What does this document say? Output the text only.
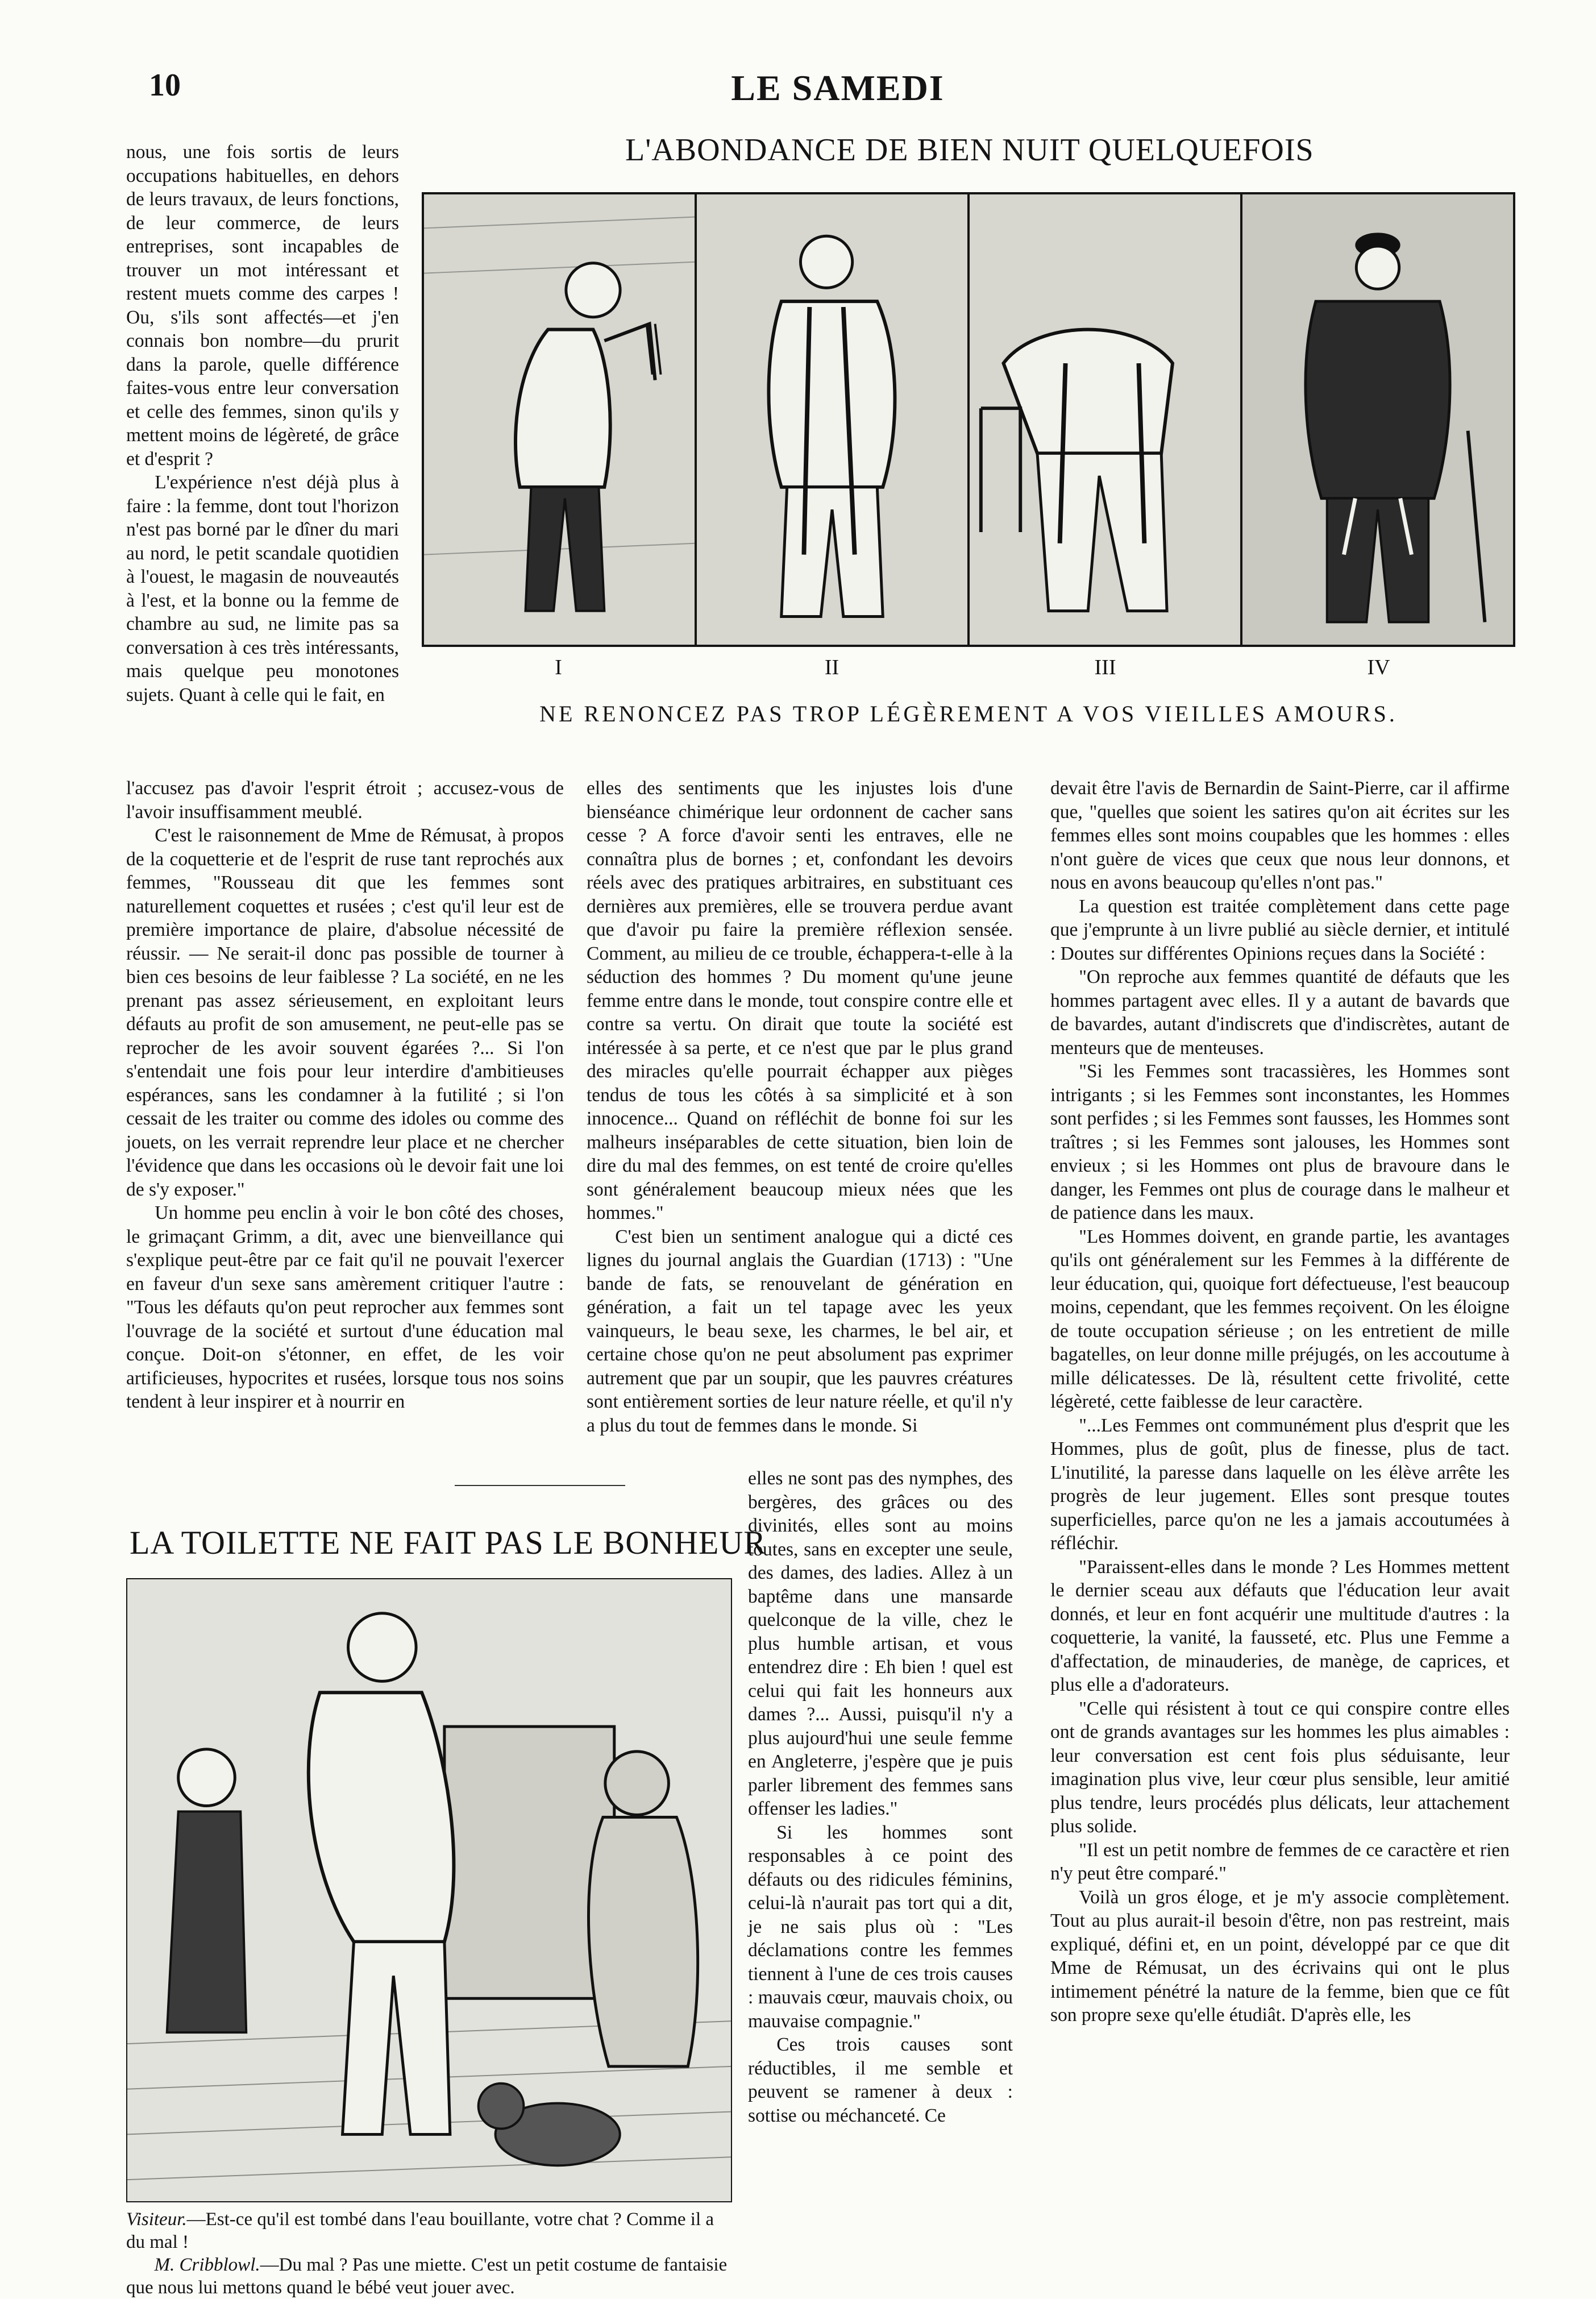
10	LE SAMEDI
L'ABONDANCE DE BIEN NUIT QUELQUEFOIS
I	II	III	IV
NE RENONCEZ PAS TROP LÉGÈREMENT A VOS VIEILLES AMOURS.

nous, une fois sortis de leurs occupations habituelles, en dehors de leurs travaux, de leurs fonctions, de leur commerce, de leurs entreprises, sont incapables de trouver un mot intéressant et restent muets comme des carpes ! Ou, s'ils sont affectés—et j'en connais bon nombre—du prurit dans la parole, quelle différence faites-vous entre leur conversation et celle des femmes, sinon qu'ils y mettent moins de légèreté, de grâce et d'esprit ?

L'expérience n'est déjà plus à faire : la femme, dont tout l'horizon n'est pas borné par le dîner du mari au nord, le petit scandale quotidien à l'ouest, le magasin de nouveautés à l'est, et la bonne ou la femme de chambre au sud, ne limite pas sa conversation à ces très intéressants, mais quelque peu monotones sujets. Quant à celle qui le fait, en

l'accusez pas d'avoir l'esprit étroit ; accusez-vous de l'avoir insuffisamment meublé.

C'est le raisonnement de Mme de Rémusat, à propos de la coquetterie et de l'esprit de ruse tant reprochés aux femmes, "Rousseau dit que les femmes sont naturellement coquettes et rusées ; c'est qu'il leur est de première importance de plaire, d'absolue nécessité de réussir. — Ne serait-il donc pas possible de tourner à bien ces besoins de leur faiblesse ? La société, en ne les prenant pas assez sérieusement, en exploitant leurs défauts au profit de son amusement, ne peut-elle pas se reprocher de les avoir souvent égarées ?... Si l'on s'entendait une fois pour leur interdire d'ambitieuses espérances, sans les condamner à la futilité ; si l'on cessait de les traiter ou comme des idoles ou comme des jouets, on les verrait reprendre leur place et ne chercher l'évidence que dans les occasions où le devoir fait une loi de s'y exposer."

Un homme peu enclin à voir le bon côté des choses, le grimaçant Grimm, a dit, avec une bienveillance qui s'explique peut-être par ce fait qu'il ne pouvait l'exercer en faveur d'un sexe sans amèrement critiquer l'autre : "Tous les défauts qu'on peut reprocher aux femmes sont l'ouvrage de la société et surtout d'une éducation mal conçue. Doit-on s'étonner, en effet, de les voir artificieuses, hypocrites et rusées, lorsque tous nos soins tendent à leur inspirer et à nourrir en

elles des sentiments que les injustes lois d'une bienséance chimérique leur ordonnent de cacher sans cesse ? A force d'avoir senti les entraves, elle ne connaîtra plus de bornes ; et, confondant les devoirs réels avec des pratiques arbitraires, en substituant ces dernières aux premières, elle se trouvera perdue avant que d'avoir pu faire la première réflexion sensée. Comment, au milieu de ce trouble, échappera-t-elle à la séduction des hommes ? Du moment qu'une jeune femme entre dans le monde, tout conspire contre elle et contre sa vertu. On dirait que toute la société est intéressée à sa perte, et ce n'est que par le plus grand des miracles qu'elle pourrait échapper aux pièges tendus de tous les côtés à sa simplicité et à son innocence... Quand on réfléchit de bonne foi sur les malheurs inséparables de cette situation, bien loin de dire du mal des femmes, on est tenté de croire qu'elles sont généralement beaucoup mieux nées que les hommes."

C'est bien un sentiment analogue qui a dicté ces lignes du journal anglais the Guardian (1713) : "Une bande de fats, se renouvelant de génération en génération, a fait un tel tapage avec les yeux vainqueurs, le beau sexe, les charmes, le bel air, et certaine chose qu'on ne peut absolument pas exprimer autrement que par un soupir, que les pauvres créatures sont entièrement sorties de leur nature réelle, et qu'il n'y a plus du tout de femmes dans le monde. Si

LA TOILETTE NE FAIT PAS LE BONHEUR

elles ne sont pas des nymphes, des bergères, des grâces ou des divinités, elles sont au moins toutes, sans en excepter une seule, des dames, des ladies. Allez à un baptême dans une mansarde quelconque de la ville, chez le plus humble artisan, et vous entendrez dire : Eh bien ! quel est celui qui fait les honneurs aux dames ?... Aussi, puisqu'il n'y a plus aujourd'hui une seule femme en Angleterre, j'espère que je puis parler librement des femmes sans offenser les ladies."

Si les hommes sont responsables à ce point des défauts ou des ridicules féminins, celui-là n'aurait pas tort qui a dit, je ne sais plus où : "Les déclamations contre les femmes tiennent à l'une de ces trois causes : mauvais cœur, mauvais choix, ou mauvaise compagnie."

Ces trois causes sont réductibles, il me semble et peuvent se ramener à deux : sottise ou méchanceté. Ce

Visiteur.—Est-ce qu'il est tombé dans l'eau bouillante, votre chat ? Comme il a du mal !

M. Cribblowl.—Du mal ? Pas une miette. C'est un petit costume de fantaisie que nous lui mettons quand le bébé veut jouer avec.

devait être l'avis de Bernardin de Saint-Pierre, car il affirme que, "quelles que soient les satires qu'on ait écrites sur les femmes elles sont moins coupables que les hommes : elles n'ont guère de vices que ceux que nous leur donnons, et nous en avons beaucoup qu'elles n'ont pas."

La question est traitée complètement dans cette page que j'emprunte à un livre publié au siècle dernier, et intitulé : Doutes sur différentes Opinions reçues dans la Société :

"On reproche aux femmes quantité de défauts que les hommes partagent avec elles. Il y a autant de bavards que de bavardes, autant d'indiscrets que d'indiscrètes, autant de menteurs que de menteuses.

"Si les Femmes sont tracassières, les Hommes sont intrigants ; si les Femmes sont inconstantes, les Hommes sont perfides ; si les Femmes sont fausses, les Hommes sont traîtres ; si les Femmes sont jalouses, les Hommes sont envieux ; si les Hommes ont plus de bravoure dans le danger, les Femmes ont plus de courage dans le malheur et de patience dans les maux.

"Les Hommes doivent, en grande partie, les avantages qu'ils ont généralement sur les Femmes à la différente de leur éducation, qui, quoique fort défectueuse, l'est beaucoup moins, cependant, que les femmes reçoivent. On les éloigne de toute occupation sérieuse ; on les entretient de mille bagatelles, on leur donne mille préjugés, on les accoutume à mille délicatesses. De là, résultent cette frivolité, cette légèreté, cette faiblesse de leur caractère.

"...Les Femmes ont communément plus d'esprit que les Hommes, plus de goût, plus de finesse, plus de tact. L'inutilité, la paresse dans laquelle on les élève arrête les progrès de leur jugement. Elles sont presque toutes superficielles, parce qu'on ne les a jamais accoutumées à réfléchir.

"Paraissent-elles dans le monde ? Les Hommes mettent le dernier sceau aux défauts que l'éducation leur avait donnés, et leur en font acquérir une multitude d'autres : la coquetterie, la vanité, la fausseté, etc. Plus une Femme a d'affectation, de minauderies, de manège, de caprices, et plus elle a d'adorateurs.

"Celle qui résistent à tout ce qui conspire contre elles ont de grands avantages sur les hommes les plus aimables : leur conversation est cent fois plus séduisante, leur imagination plus vive, leur cœur plus sensible, leur amitié plus tendre, leurs procédés plus délicats, leur attachement plus solide.

"Il est un petit nombre de femmes de ce caractère et rien n'y peut être comparé."

Voilà un gros éloge, et je m'y associe complètement. Tout au plus aurait-il besoin d'être, non pas restreint, mais expliqué, défini et, en un point, développé par ce que dit Mme de Rémusat, un des écrivains qui ont le plus intimement pénétré la nature de la femme, bien que ce fût son propre sexe qu'elle étudiât. D'après elle, les
